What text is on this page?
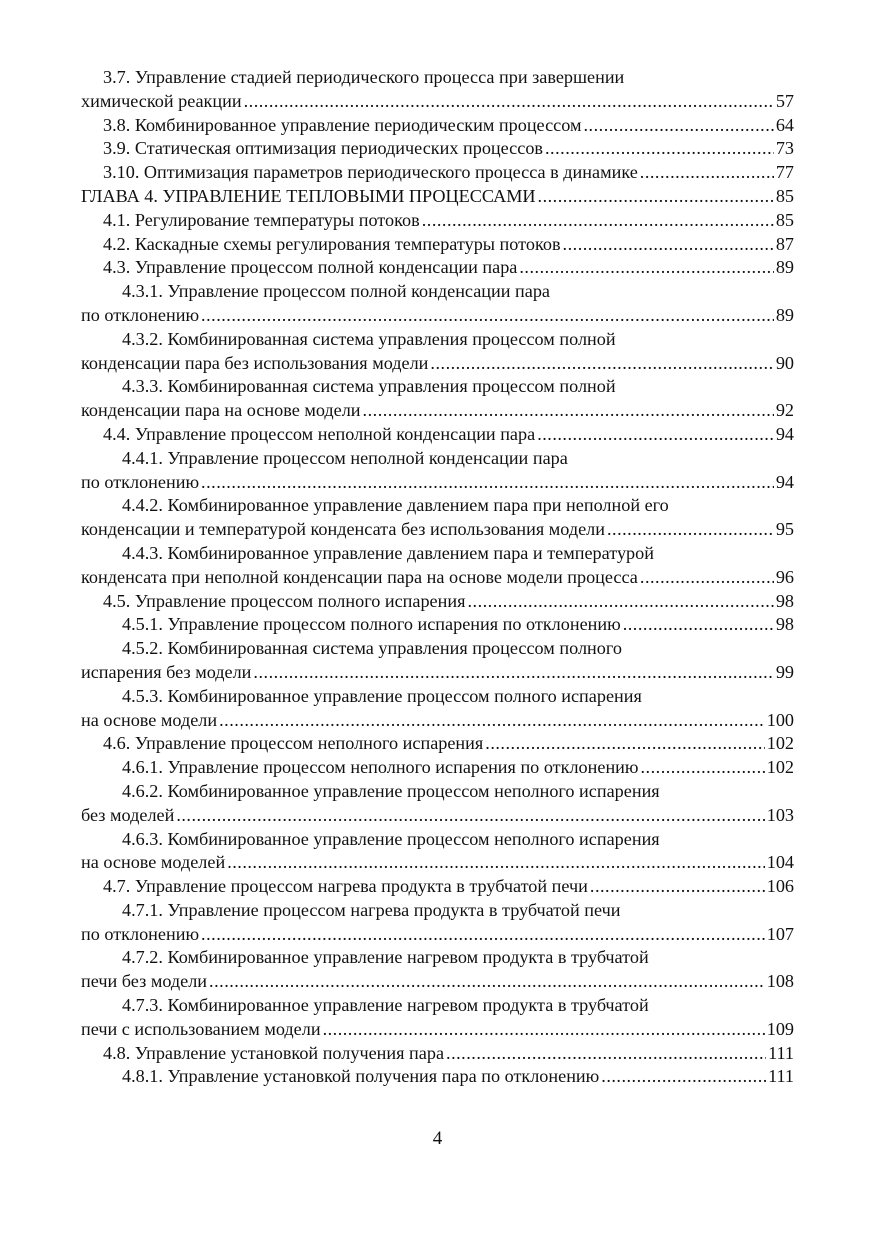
3.7. Управление стадией периодического процесса при завершении
химической реакции .....	57
3.8. Комбинированное управление периодическим процессом .....	64
3.9. Статическая оптимизация периодических процессов .....	73
3.10. Оптимизация параметров периодического процесса в динамике .....	77
ГЛАВА 4. УПРАВЛЕНИЕ ТЕПЛОВЫМИ ПРОЦЕССАМИ .....	85
4.1. Регулирование температуры потоков .....	85
4.2. Каскадные схемы регулирования температуры потоков .....	87
4.3. Управление процессом полной конденсации пара .....	89
4.3.1. Управление процессом полной конденсации пара
по отклонению .....	89
4.3.2. Комбинированная система управления процессом полной
конденсации пара без использования модели .....	90
4.3.3. Комбинированная система управления процессом полной
конденсации пара на основе модели .....	92
4.4. Управление процессом неполной конденсации пара .....	94
4.4.1. Управление процессом неполной конденсации пара
по отклонению .....	94
4.4.2. Комбинированное управление давлением пара при неполной его
конденсации и температурой конденсата без использования модели .....	95
4.4.3. Комбинированное управление давлением пара и температурой
конденсата при неполной конденсации пара на основе модели процесса .....	96
4.5. Управление процессом полного испарения .....	98
4.5.1. Управление процессом полного испарения по отклонению .....	98
4.5.2. Комбинированная система управления процессом полного
испарения без модели .....	99
4.5.3. Комбинированное управление процессом полного испарения
на основе модели .....	100
4.6. Управление процессом неполного испарения .....	102
4.6.1. Управление процессом неполного испарения по отклонению .....	102
4.6.2. Комбинированное управление процессом неполного испарения
без моделей .....	103
4.6.3. Комбинированное управление процессом неполного испарения
на основе моделей .....	104
4.7. Управление процессом нагрева продукта в трубчатой печи .....	106
4.7.1. Управление процессом нагрева продукта в трубчатой печи
по отклонению .....	107
4.7.2. Комбинированное управление нагревом продукта в трубчатой
печи без модели .....	108
4.7.3. Комбинированное управление нагревом продукта в трубчатой
печи с использованием модели .....	109
4.8. Управление установкой получения пара .....	111
4.8.1. Управление установкой получения пара по отклонению .....	111
4
